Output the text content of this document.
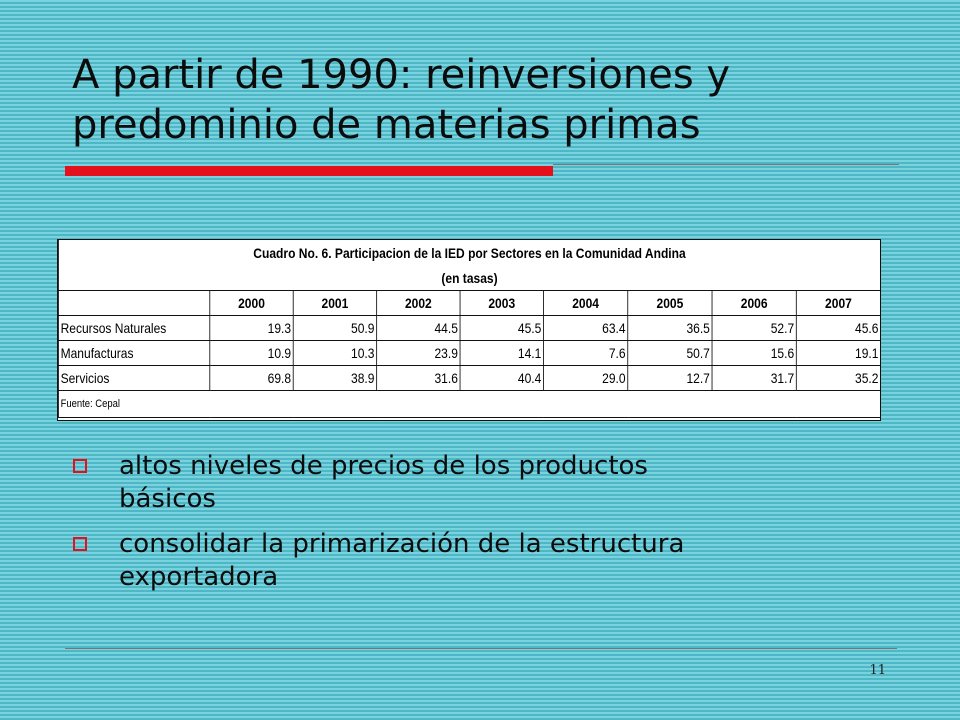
A partir de 1990: reinversiones y
predominio de materias primas
Cuadro No. 6. Participacion de la IED por Sectores en la Comunidad Andina								
(en tasas)								
	2000	2001	2002	2003	2004	2005	2006	2007
Recursos Naturales	19.3	50.9	44.5	45.5	63.4	36.5	52.7	45.6
Manufacturas	10.9	10.3	23.9	14.1	7.6	50.7	15.6	19.1
Servicios	69.8	38.9	31.6	40.4	29.0	12.7	31.7	35.2
Fuente: Cepal								
altos niveles de precios de los productos
básicos
consolidar la primarización de la estructura
exportadora
11
